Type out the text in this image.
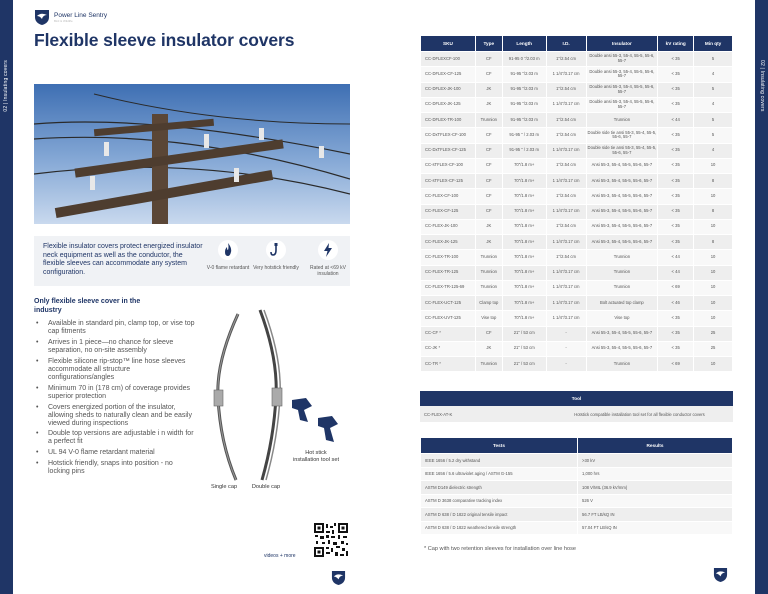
02 | Insulating covers	02 | Insulating covers
Power Line Sentry
Bird & Wildlife
Flexible sleeve insulator covers
Flexible insulator covers protect energized insulator neck equipment as well as the conductor, the flexible sleeves can accommodate any system configuration.
V-0 flame retardant Very hotstick friendly	Rated at <69 kV insulation
Only flexible sleeve cover in the industry
• Available in standard pin, clamp top, or vise top cap fitments
• Arrives in 1 piece—no chance for sleeve separation, no on-site assembly
• Flexible silicone rip-stop™ line hose sleeves accommodate all structure configurations/angles
• Minimum 70 in (178 cm) of coverage provides superior protection
• Covers energized portion of the insulator, allowing sheds to naturally clean and be easily viewed during inspections
• Double top versions are adjustable i n width for a perfect fit
• UL 94 V-0 flame retardant material
• Hotstick friendly, snaps into position - no locking pins
Single cap	Double cap
Hot stick installation tool set
videos + more
SKU	Type	Length	I.D.	Insulator	kV rating	Min qty
CC-DFLEXCF-100	CF	91-95 0 "/2.03 m	1"/2.54 cm	Double ansi 55-3, 55-4, 55-5, 55-6, 55-7	< 35	5
CC-DFLEX-CF-125	CF	91-95 "/2.03 m	1 1/4"/3.17 cm	Double ansi 55-3, 55-4, 55-5, 55-6, 55-7	< 35	4
CC-DFLEX-JK-100	JK	91-95 "/2.03 m	1"/2.54 cm	Double ansi 55-3, 55-4, 55-5, 55-6, 55-7	< 35	5
CC-DFLEX-JK-125	JK	91-95 "/2.03 m	1 1/4"/3.17 cm	Double ansi 55-3, 55-4, 55-5, 55-6, 55-7	< 35	4
CC-DFLEX-TR-100	Trunnion	91-95 "/2.03 m	1"/2.54 cm	Trunnion	< 44	5
CC-DxTFLEX-CF-100	CF	91-95 " / 2.03 m	1"/2.54 cm	Double side tie ansi 55-3, 55-4, 55-5, 55-6, 55-7	< 35	5
CC-DxTFLEX-CF-125	CF	91-95 " / 2.03 m	1 1/4"/3.17 cm	Double side tie ansi 55-3, 55-4, 55-5, 55-6, 55-7	< 35	4
CC-sTFLEX-CF-100	CF	70"/1.8 m+	1"/2.54 cm	Ansi 55-3, 55-4, 55-5, 55-6, 55-7	< 35	10
CC-sTFLEX-CF-125	CF	70"/1.8 m+	1 1/4"/3.17 cm	Ansi 55-3, 55-4, 55-5, 55-6, 55-7	< 35	8
CC-FLEX-CF-100	CF	70"/1.8 m+	1"/2.54 cm	Ansi 55-3, 55-4, 55-5, 55-6, 55-7	< 35	10
CC-FLEX-CF-125	CF	70"/1.8 m+	1 1/4"/3.17 cm	Ansi 55-3, 55-4, 55-5, 55-6, 55-7	< 35	8
CC-FLEX-JK-100	JK	70"/1.8 m+	1"/2.54 cm	Ansi 55-3, 55-4, 55-5, 55-6, 55-7	< 35	10
CC-FLEX-JK-125	JK	70"/1.8 m+	1 1/4"/3.17 cm	Ansi 55-3, 55-4, 55-5, 55-6, 55-7	< 35	8
CC-FLEX-TR-100	Trunnion	70"/1.8 m+	1"/2.54 cm	Trunnion	< 44	10
CC-FLEX-TR-125	Trunnion	70"/1.8 m+	1 1/4"/3.17 cm	Trunnion	< 44	10
CC-FLEX-TR-125-69	Trunnion	70"/1.8 m+	1 1/4"/3.17 cm	Trunnion	< 69	10
CC-FLEX-UCT-125	Clamp top	70"/1.8 m+	1 1/4"/3.17 cm	Bolt actuated top clamp	< 46	10
CC-FLEX-UVT-125	Vise top	70"/1.8 m+	1 1/4"/3.17 cm	Vise top	< 35	10
CC-CF *	CF	21" / 53 cm	-	Ansi 55-3, 55-4, 55-5, 55-6, 55-7	< 35	25
CC-JK *	JK	21" / 53 cm	-	Ansi 55-3, 55-4, 55-5, 55-6, 55-7	< 35	25
CC-TR *	Trunnion	21" / 53 cm	-	Trunnion	< 69	10
Tool
CC-FLEX-AT-K	Hotstick compatible installation tool set for all flexible conductor covers
Tests	Results
IEEE 1656 / 5.2 dry withstand	>30 kV
IEEE 1656 / 5.6 ultraviolet aging / ASTM G-155	1,000 hrs
ASTM D149 dielectric strength	108 V/MIL (36.9 kV/mm)
ASTM D 3638 comparative tracking index	526 V
ASTM D 638 / D 1822 original tensile impact	56.7 FT LB/sQ IN
ASTM D 638 / D 1822 weathered tensile strength	57.04 FT LB/sQ IN
* Cap with two retention sleeves for installation over line hose
